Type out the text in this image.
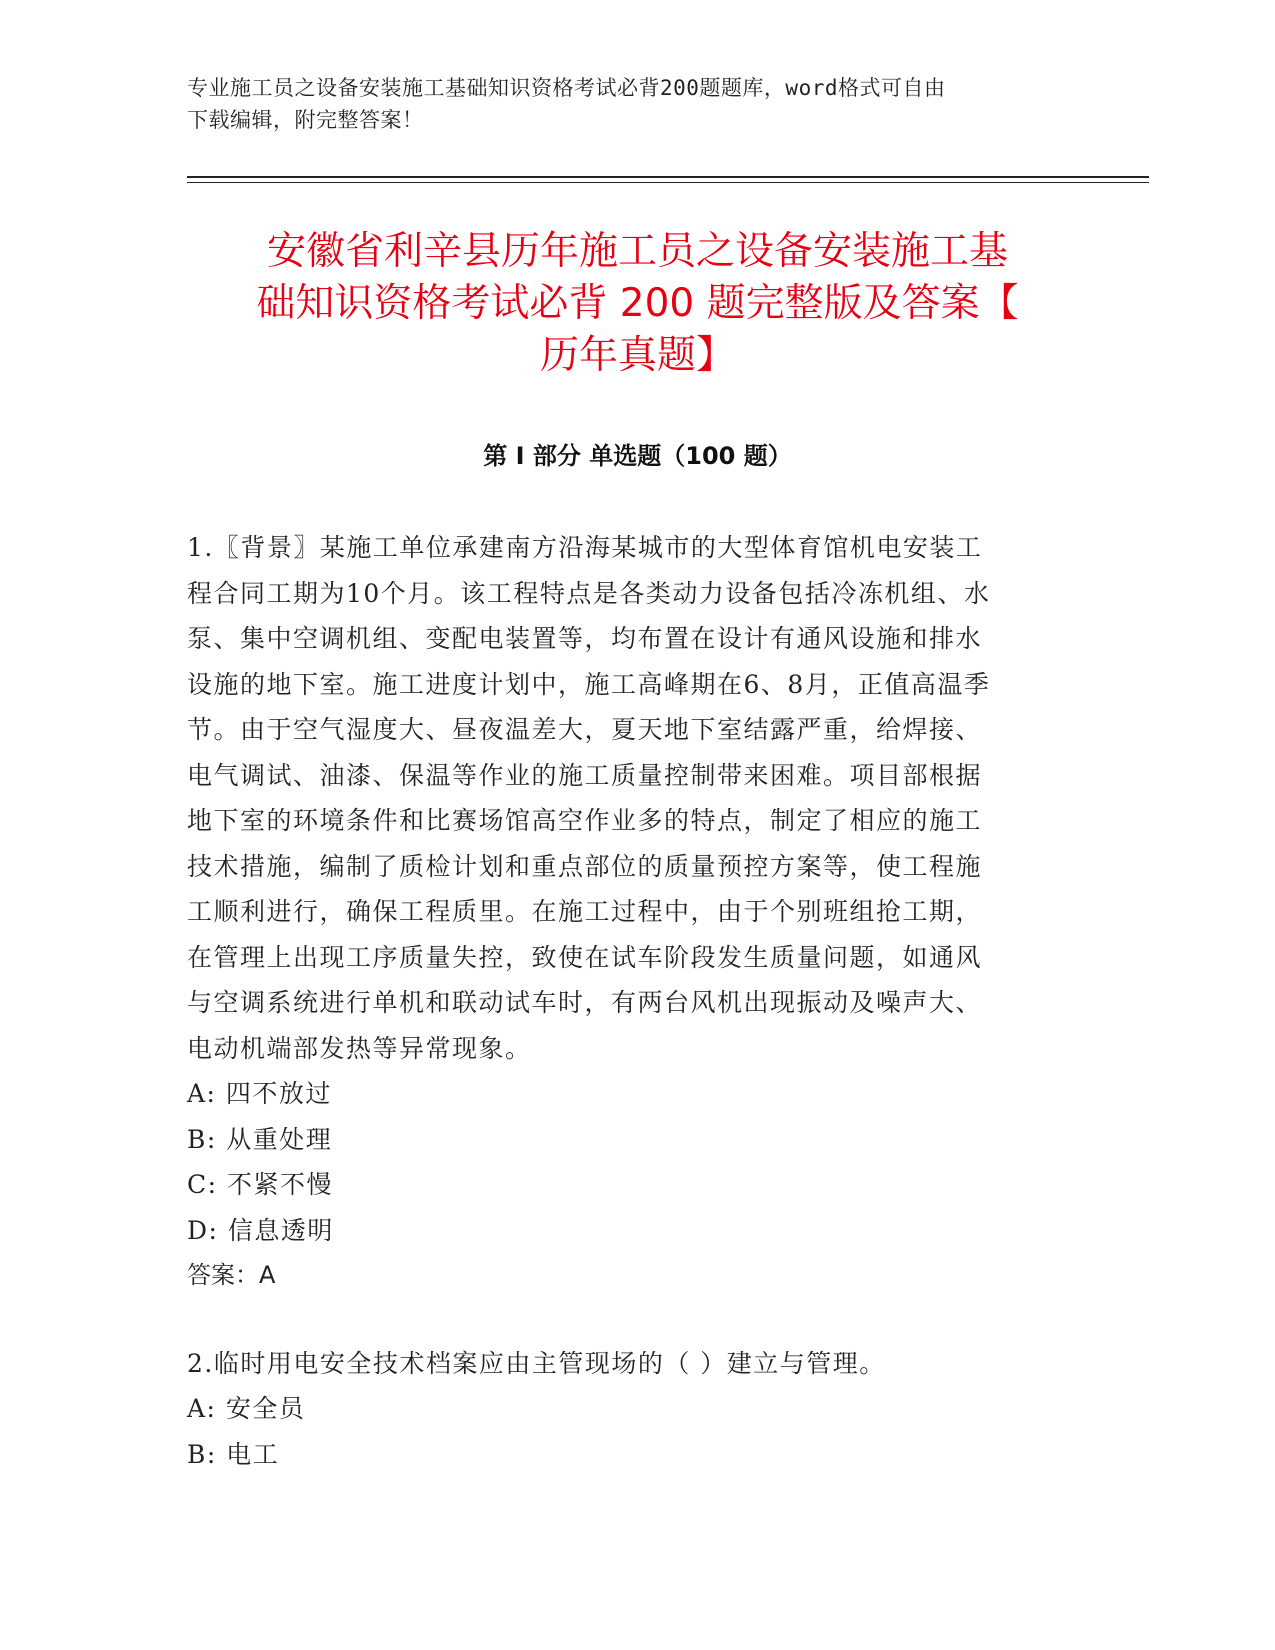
专业施工员之设备安装施工基础知识资格考试必背200题题库，word格式可自由
下载编辑，附完整答案！
安徽省利辛县历年施工员之设备安装施工基
础知识资格考试必背 200 题完整版及答案【
历年真题】
第 I 部分 单选题（100 题）
1.〖背景〗某施工单位承建南方沿海某城市的大型体育馆机电安装工
程合同工期为10个月。该工程特点是各类动力设备包括冷冻机组、水
泵、集中空调机组、变配电装置等，均布置在设计有通风设施和排水
设施的地下室。施工进度计划中，施工高峰期在6、8月，正值高温季
节。由于空气湿度大、昼夜温差大，夏天地下室结露严重，给焊接、
电气调试、油漆、保温等作业的施工质量控制带来困难。项目部根据
地下室的环境条件和比赛场馆高空作业多的特点，制定了相应的施工
技术措施，编制了质检计划和重点部位的质量预控方案等，使工程施
工顺利进行，确保工程质里。在施工过程中，由于个别班组抢工期，
在管理上出现工序质量失控，致使在试车阶段发生质量问题，如通风
与空调系统进行单机和联动试车时，有两台风机出现振动及噪声大、
电动机端部发热等异常现象。
A: 四不放过
B: 从重处理
C: 不紧不慢
D: 信息透明
答案：A
2.临时用电安全技术档案应由主管现场的（ ）建立与管理。
A: 安全员
B: 电工
